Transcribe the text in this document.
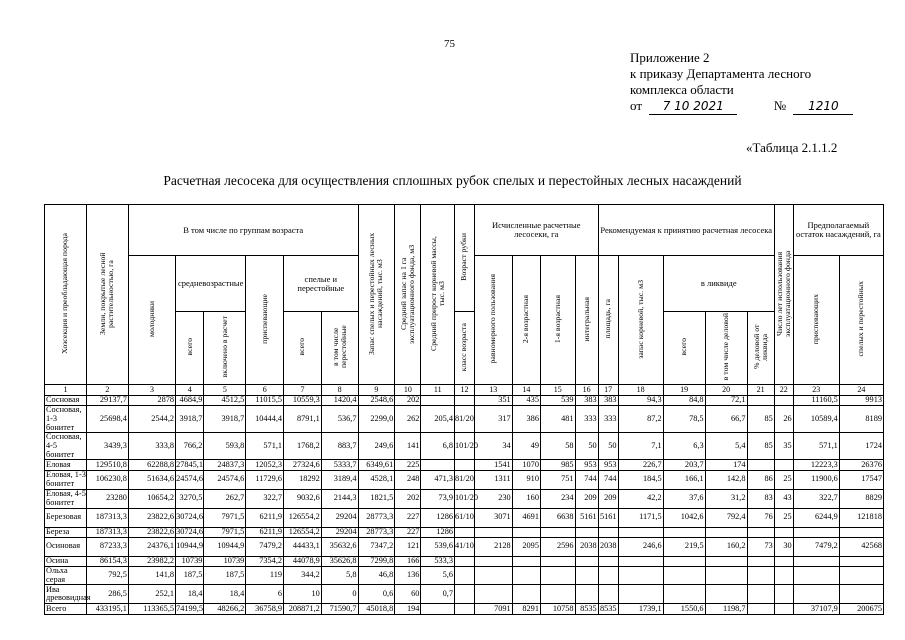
75
Приложение 2
к приказу Департамента лесного
комплекса области
от 7 10 2021	№ 1210
«Таблица 2.1.1.2
Расчетная лесосека для осуществления сплошных рубок спелых и перестойных лесных насаждений
Хозсекция и преобладающая порода	Земли, покрытые лесной растительностью, га	В том числе по группам возраста						Запас спелых и перестойных лесных насаждений, тыс. м3	Средний запас на 1 га эксплуатационного фонда, м3	Средний прирост корневой массы, тыс. м3	Возраст рубки	Исчисленные расчетные лесосеки, га				Рекомендуемая к принятию расчетная лесосека					Число лет использования эксплуатационного фонда	Предполагаемый остаток насаждений, га	
		молодняки	средневозрастные		приспевающие	спелые и перестойные						равномерного пользования	2-я возрастная	1-я возрастная	интегральная	площадь, га	запас корневой, тыс. м3	в ликвиде				приспевающих	спелых и перестойных
			всего	включено в расчет		всего	в том числе перестойные				класс возраста							всего	в том числе деловой	% деловой от ликвида			
1	2	3	4	5	6	7	8	9	10	11	12	13	14	15	16	17	18	19	20	21	22	23	24
Сосновая	29137,7	2878	4684,9	4512,5	11015,5	10559,3	1420,4	2548,6	202			351	435	539	383	383	94,3	84,8	72,1			11160,5	9913
Сосновая, 1-3 бонитет	25698,4	2544,2	3918,7	3918,7	10444,4	8791,1	536,7	2299,0	262	205,4	81/20	317	386	481	333	333	87,2	78,5	66,7	85	26	10589,4	8189
Сосновая, 4-5 бонитет	3439,3	333,8	766,2	593,8	571,1	1768,2	883,7	249,6	141	6,8	101/20	34	49	58	50	50	7,1	6,3	5,4	85	35	571,1	1724
Еловая	129510,8	62288,8	27845,1	24837,3	12052,3	27324,6	5333,7	6349,61	225			1541	1070	985	953	953	226,7	203,7	174			12223,3	26376
Еловая, 1-3 бонитет	106230,8	51634,6	24574,6	24574,6	11729,6	18292	3189,4	4528,1	248	471,3	81/20	1311	910	751	744	744	184,5	166,1	142,8	86	25	11900,6	17547
Еловая, 4-5 бонитет	23280	10654,2	3270,5	262,7	322,7	9032,6	2144,3	1821,5	202	73,9	101/20	230	160	234	209	209	42,2	37,6	31,2	83	43	322,7	8829
Березовая	187313,3	23822,6	30724,6	7971,5	6211,9	126554,2	29204	28773,3	227	1286	61/10	3071	4691	6638	5161	5161	1171,5	1042,6	792,4	76	25	6244,9	121818
Береза	187313,3	23822,6	30724,6	7971,5	6211,9	126554,2	29204	28773,3	227	1286													
Осиновая	87233,3	24376,1	10944,9	10944,9	7479,2	44433,1	35632,6	7347,2	121	539,6	41/10	2128	2095	2596	2038	2038	246,6	219,5	160,2	73	30	7479,2	42568
Осина	86154,3	23982,2	10739	10739	7354,2	44078,9	35626,8	7299,8	166	533,3													
Ольха серая	792,5	141,8	187,5	187,5	119	344,2	5,8	46,8	136	5,6													
Ива древовидная	286,5	252,1	18,4	18,4	6	10	0	0,6	60	0,7													
Всего	433195,1	113365,5	74199,5	48266,2	36758,9	208871,2	71590,7	45018,8	194			7091	8291	10758	8535	8535	1739,1	1550,6	1198,7			37107,9	200675
